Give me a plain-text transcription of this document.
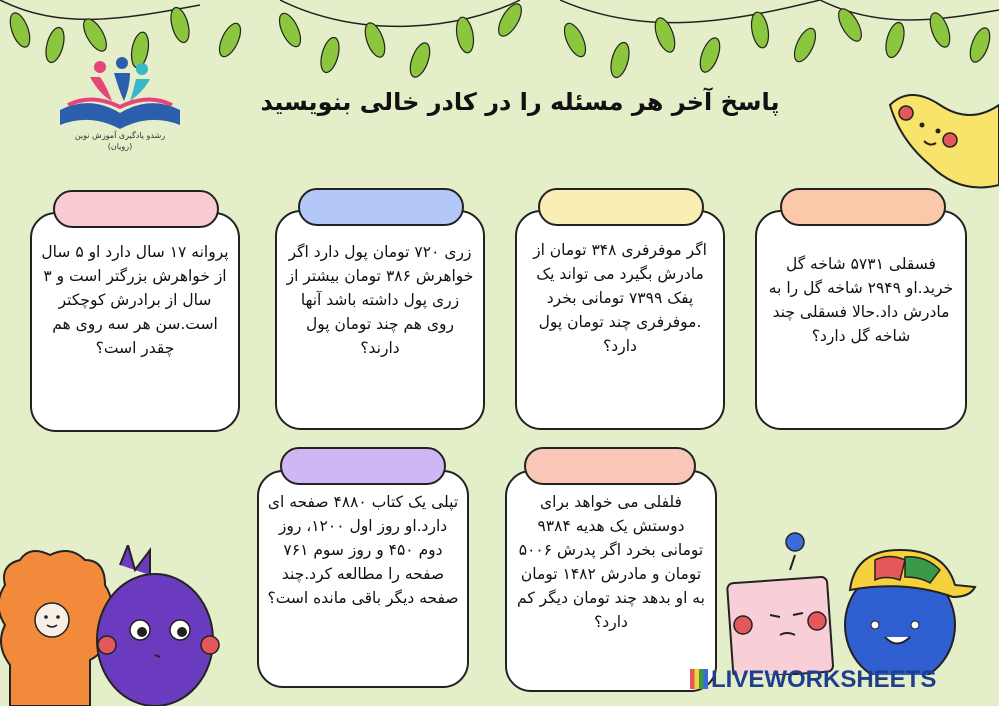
رشدو یادگیری آموزش نوین
(رویان)
پاسخ آخر هر مسئله را در کادر خالی بنویسید
پروانه ۱۷ سال دارد او ۵ سال از خواهرش بزرگتر است و ۳ سال از برادرش کوچکتر است.سن هر سه روی هم چقدر است؟
زری ۷۲۰ تومان پول دارد اگر خواهرش ۳۸۶ تومان بیشتر از زری پول داشته باشد آنها روی هم چند تومان پول دارند؟
اگر موفرفری ۳۴۸ تومان از مادرش بگیرد می تواند یک پفک ۷۳۹۹ تومانی بخرد .موفرفری چند تومان پول دارد؟
فسقلی ۵۷۳۱ شاخه گل خرید.او ۲۹۴۹ شاخه گل را به مادرش داد.حالا فسقلی چند شاخه گل دارد؟
تپلی یک کتاب ۴۸۸۰ صفحه ای دارد.او روز اول ۱۲۰۰، روز دوم ۴۵۰ و روز سوم ۷۶۱ صفحه را مطالعه کرد.چند صفحه دیگر باقی مانده است؟
فلفلی می خواهد برای دوستش یک هدیه ۹۳۸۴ تومانی بخرد اگر پدرش ۵۰۰۶ تومان و مادرش ۱۴۸۲ تومان به او بدهد چند تومان دیگر کم دارد؟
LIVEWORKSHEETS
